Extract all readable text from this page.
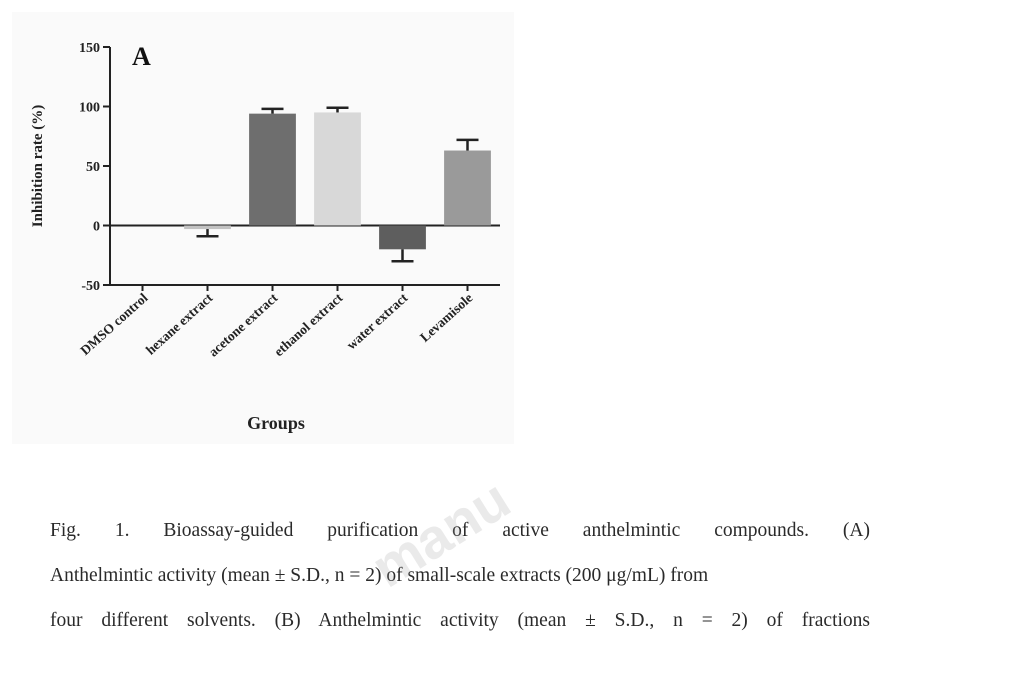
-50
0
50
100
150
DMSO control
hexane extract
acetone extract
ethanol extract
water extract Levamisole
A
Inhibition rate (%)
Groups

Fig. 1. Bioassay-guided purification of active anthelmintic compounds. (A)

Anthelmintic activity (mean ± S.D., n = 2) of small-scale extracts (200 μg/mL) from

four different solvents. (B) Anthelmintic activity (mean ± S.D., n = 2) of fractions

manu
